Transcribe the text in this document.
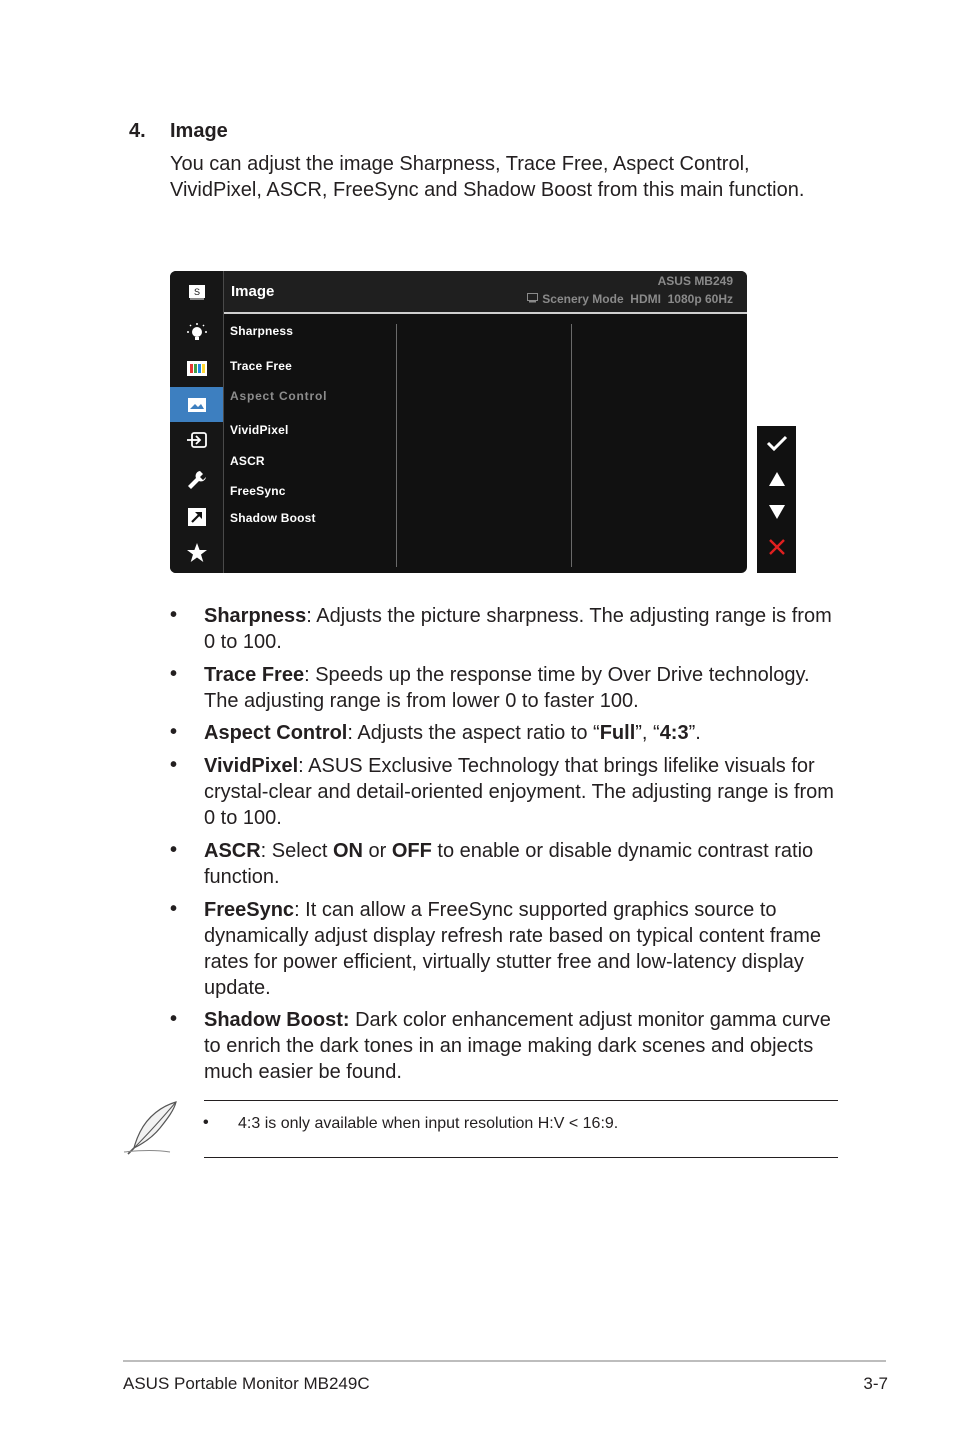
4. Image
You can adjust the image Sharpness, Trace Free, Aspect Control, VividPixel, ASCR, FreeSync and Shadow Boost from this main function.
S Image
ASUS MB249
Scenery Mode  HDMI  1080p 60Hz
Sharpness
Trace Free
Aspect Control
VividPixel
ASCR
FreeSync
Shadow Boost
• Sharpness: Adjusts the picture sharpness. The adjusting range is from 0 to 100.
• Trace Free: Speeds up the response time by Over Drive technology. The adjusting range is from lower 0 to faster 100.
• Aspect Control: Adjusts the aspect ratio to “Full”, “4:3”.
• VividPixel: ASUS Exclusive Technology that brings lifelike visuals for crystal-clear and detail-oriented enjoyment. The adjusting range is from 0 to 100.
• ASCR: Select ON or OFF to enable or disable dynamic contrast ratio function.
• FreeSync: It can allow a FreeSync supported graphics source to dynamically adjust display refresh rate based on typical content frame rates for power efficient, virtually stutter free and low-latency display update.
• Shadow Boost: Dark color enhancement adjust monitor gamma curve to enrich the dark tones in an image making dark scenes and objects much easier be found.
• 4:3 is only available when input resolution H:V < 16:9.
ASUS Portable Monitor MB249C	3-7
